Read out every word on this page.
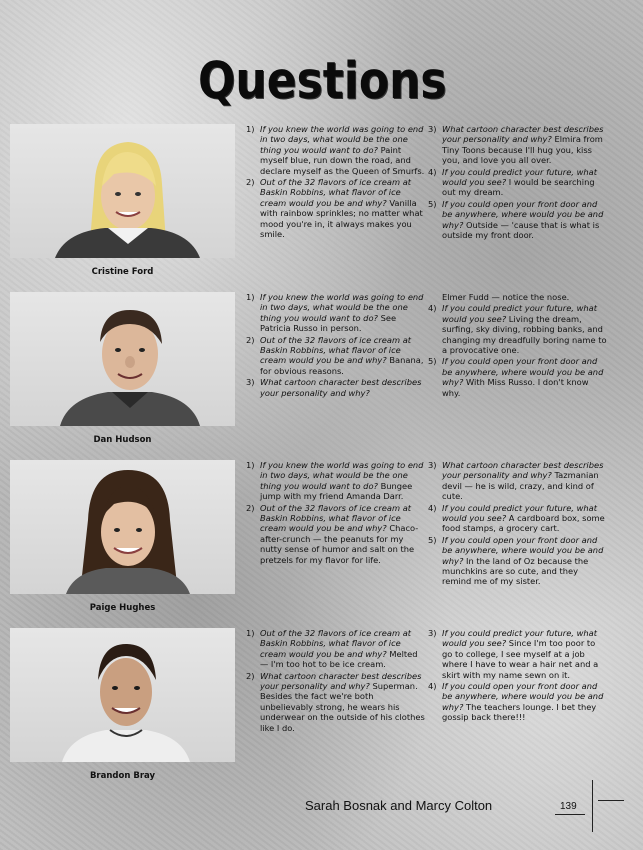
Questions
Cristine Ford
1) If you knew the world was going to end in two days, what would be the one thing you would want to do? Paint myself blue, run down the road, and declare myself as the Queen of Smurfs.
2) Out of the 32 flavors of ice cream at Baskin Robbins, what flavor of ice cream would you be and why? Vanilla with rainbow sprinkles; no matter what mood you're in, it always makes you smile.
3) What cartoon character best describes your personality and why? Elmira from Tiny Toons because I'll hug you, kiss you, and love you all over.
4) If you could predict your future, what would you see? I would be searching out my dream.
5) If you could open your front door and be anywhere, where would you be and why? Outside — 'cause that is what is outside my front door.
Dan Hudson
1) If you knew the world was going to end in two days, what would be the one thing you would want to do? See Patricia Russo in person.
2) Out of the 32 flavors of ice cream at Baskin Robbins, what flavor of ice cream would you be and why? Banana, for obvious reasons.
3) What cartoon character best describes your personality and why?
Elmer Fudd — notice the nose.
4) If you could predict your future, what would you see? Living the dream, surfing, sky diving, robbing banks, and changing my dreadfully boring name to a provocative one.
5) If you could open your front door and be anywhere, where would you be and why? With Miss Russo. I don't know why.
Paige Hughes
1) If you knew the world was going to end in two days, what would be the one thing you would want to do? Bungee jump with my friend Amanda Darr.
2) Out of the 32 flavors of ice cream at Baskin Robbins, what flavor of ice cream would you be and why? Chaco-after-crunch — the peanuts for my nutty sense of humor and salt on the pretzels for my flavor for life.
3) What cartoon character best describes your personality and why? Tazmanian devil — he is wild, crazy, and kind of cute.
4) If you could predict your future, what would you see? A cardboard box, some food stamps, a grocery cart.
5) If you could open your front door and be anywhere, where would you be and why? In the land of Oz because the munchkins are so cute, and they remind me of my sister.
Brandon Bray
1) Out of the 32 flavors of ice cream at Baskin Robbins, what flavor of ice cream would you be and why? Melted — I'm too hot to be ice cream.
2) What cartoon character best describes your personality and why? Superman. Besides the fact we're both unbelievably strong, he wears his underwear on the outside of his clothes like I do.
3) If you could predict your future, what would you see? Since I'm too poor to go to college, I see myself at a job where I have to wear a hair net and a skirt with my name sewn on it.
4) If you could open your front door and be anywhere, where would you be and why? The teachers lounge. I bet they gossip back there!!!
Sarah Bosnak and Marcy Colton	139
